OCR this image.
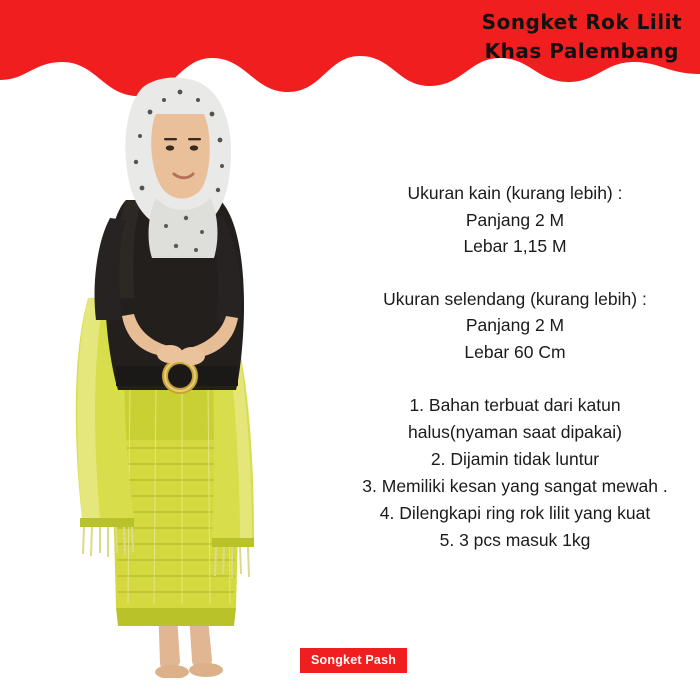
Songket Rok Lilit
Khas Palembang
Ukuran kain (kurang lebih) :
Panjang 2 M
Lebar 1,15 M
Ukuran selendang (kurang lebih) :
Panjang 2 M
Lebar 60 Cm
1. Bahan terbuat dari katun
halus(nyaman saat dipakai)
2. Dijamin tidak luntur
3. Memiliki kesan yang sangat mewah .
4. Dilengkapi ring rok lilit yang kuat
5. 3 pcs masuk 1kg
Songket Pash
